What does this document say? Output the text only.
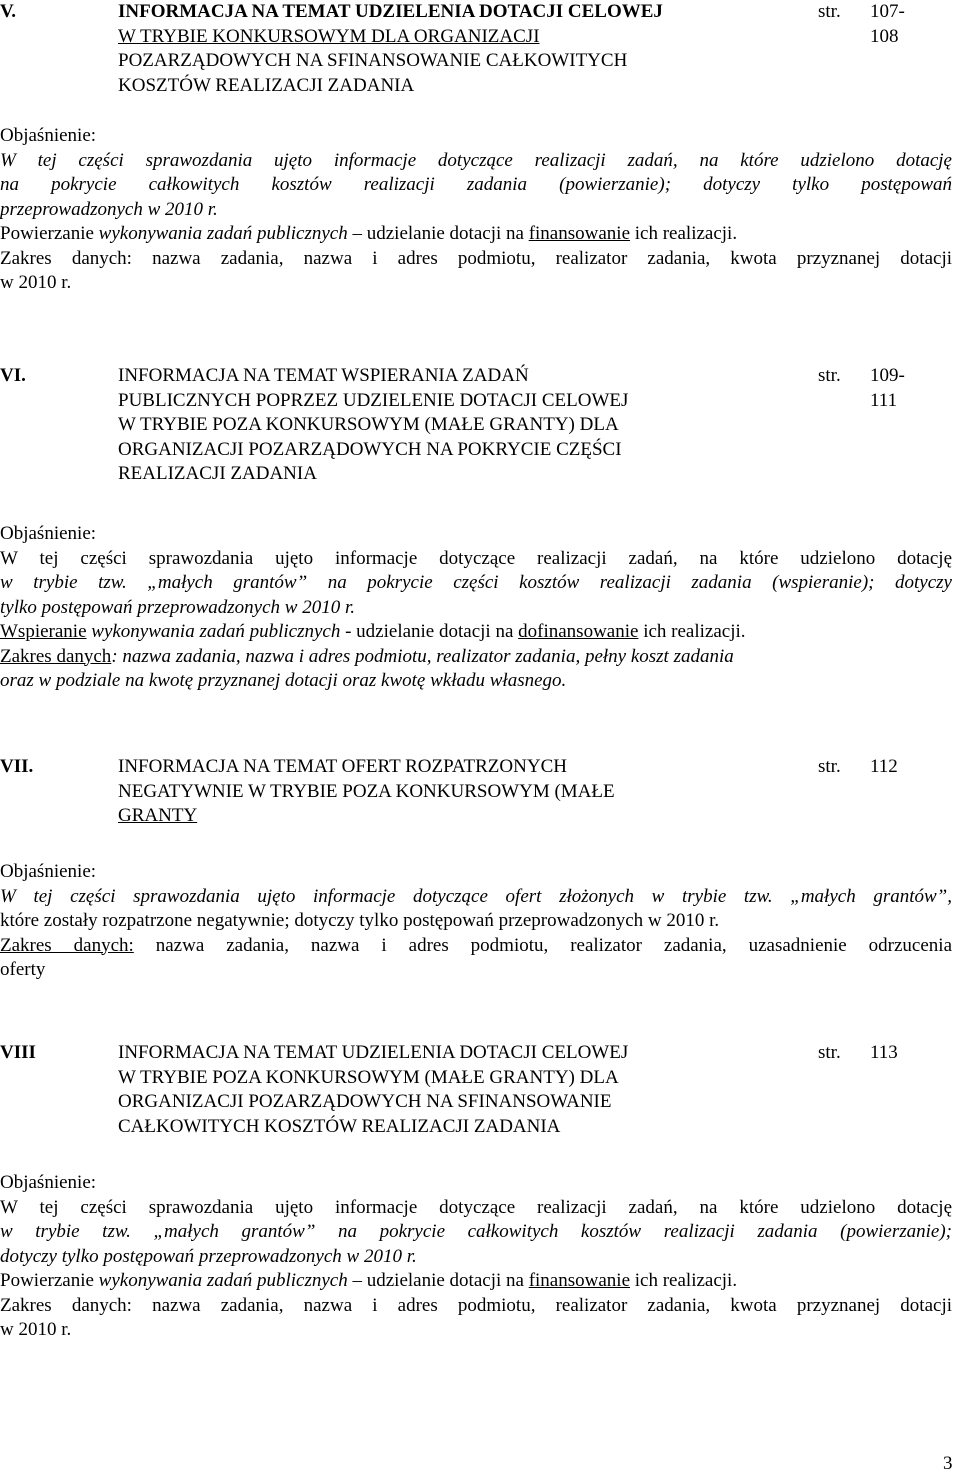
V.	INFORMACJA NA TEMAT UDZIELENIA DOTACJI CELOWEJ
W TRYBIE KONKURSOWYM DLA ORGANIZACJI
POZARZĄDOWYCH NA SFINANSOWANIE CAŁKOWITYCH
KOSZTÓW REALIZACJI ZADANIA
str. 107-
108
Objaśnienie:
W tej części sprawozdania ujęto informacje dotyczące realizacji zadań, na które udzielono dotację
na pokrycie całkowitych kosztów realizacji zadania (powierzanie); dotyczy tylko postępowań
przeprowadzonych w 2010 r.
Powierzanie wykonywania zadań publicznych – udzielanie dotacji na finansowanie ich realizacji.
Zakres danych: nazwa zadania, nazwa i adres podmiotu, realizator zadania, kwota przyznanej dotacji
w 2010 r.
VI.	INFORMACJA NA TEMAT WSPIERANIA ZADAŃ
PUBLICZNYCH POPRZEZ UDZIELENIE DOTACJI CELOWEJ
W TRYBIE POZA KONKURSOWYM (MAŁE GRANTY) DLA
ORGANIZACJI POZARZĄDOWYCH NA POKRYCIE CZĘŚCI
REALIZACJI ZADANIA
str. 109-
111
Objaśnienie:
W tej części sprawozdania ujęto informacje dotyczące realizacji zadań, na które udzielono dotację
w trybie tzw. „małych grantów” na pokrycie części kosztów realizacji zadania (wspieranie); dotyczy
tylko postępowań przeprowadzonych w 2010 r.
Wspieranie wykonywania zadań publicznych - udzielanie dotacji na dofinansowanie ich realizacji.
Zakres danych: nazwa zadania, nazwa i adres podmiotu, realizator zadania, pełny koszt zadania
oraz w podziale na kwotę przyznanej dotacji oraz kwotę wkładu własnego.
VII.	INFORMACJA NA TEMAT OFERT ROZPATRZONYCH
NEGATYWNIE W TRYBIE POZA KONKURSOWYM (MAŁE
GRANTY
str. 112
Objaśnienie:
W tej części sprawozdania ujęto informacje dotyczące ofert złożonych w trybie tzw. „małych grantów”,
które zostały rozpatrzone negatywnie; dotyczy tylko postępowań przeprowadzonych w 2010 r.
Zakres danych: nazwa zadania, nazwa i adres podmiotu, realizator zadania, uzasadnienie odrzucenia
oferty
VIII	INFORMACJA NA TEMAT UDZIELENIA DOTACJI CELOWEJ
W TRYBIE POZA KONKURSOWYM (MAŁE GRANTY) DLA
ORGANIZACJI POZARZĄDOWYCH NA SFINANSOWANIE
CAŁKOWITYCH KOSZTÓW REALIZACJI ZADANIA
str. 113
Objaśnienie:
W tej części sprawozdania ujęto informacje dotyczące realizacji zadań, na które udzielono dotację
w trybie tzw. „małych grantów” na pokrycie całkowitych kosztów realizacji zadania (powierzanie);
dotyczy tylko postępowań przeprowadzonych w 2010 r.
Powierzanie wykonywania zadań publicznych – udzielanie dotacji na finansowanie ich realizacji.
Zakres danych: nazwa zadania, nazwa i adres podmiotu, realizator zadania, kwota przyznanej dotacji
w 2010 r.
3
